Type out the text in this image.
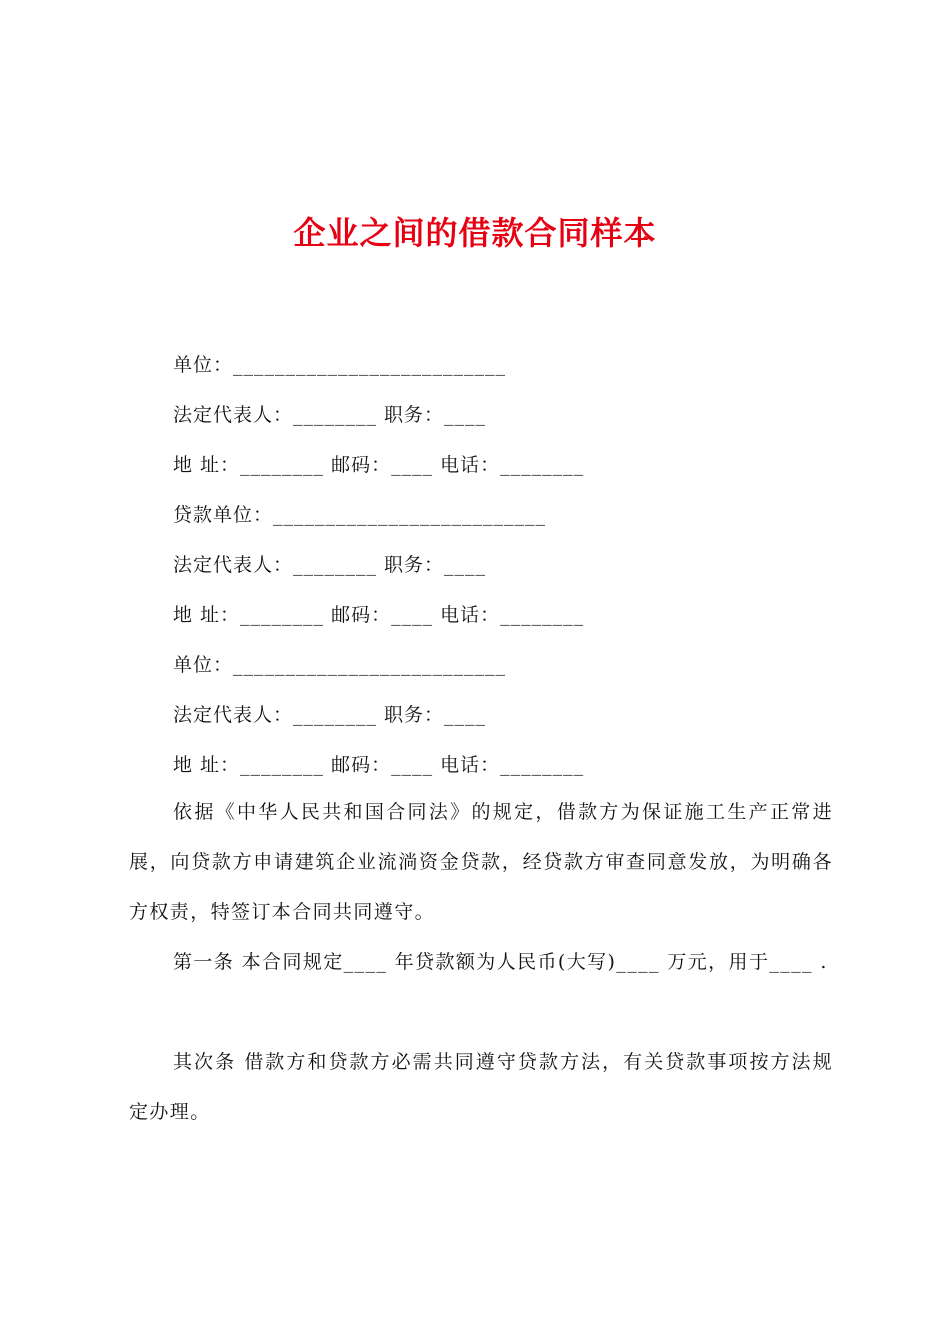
企业之间的借款合同样本
单位：__________________________
法定代表人：________ 职务：____
地 址：________ 邮码：____ 电话：________
贷款单位：__________________________
法定代表人：________ 职务：____
地 址：________ 邮码：____ 电话：________
单位：__________________________
法定代表人：________ 职务：____
地 址：________ 邮码：____ 电话：________
依据《中华人民共和国合同法》的规定，借款方为保证施工生产正常进展，向贷款方申请建筑企业流淌资金贷款，经贷款方审查同意发放，为明确各方权责，特签订本合同共同遵守。
第一条 本合同规定____ 年贷款额为人民币(大写)____ 万元，用于____ .
其次条 借款方和贷款方必需共同遵守贷款方法，有关贷款事项按方法规定办理。
